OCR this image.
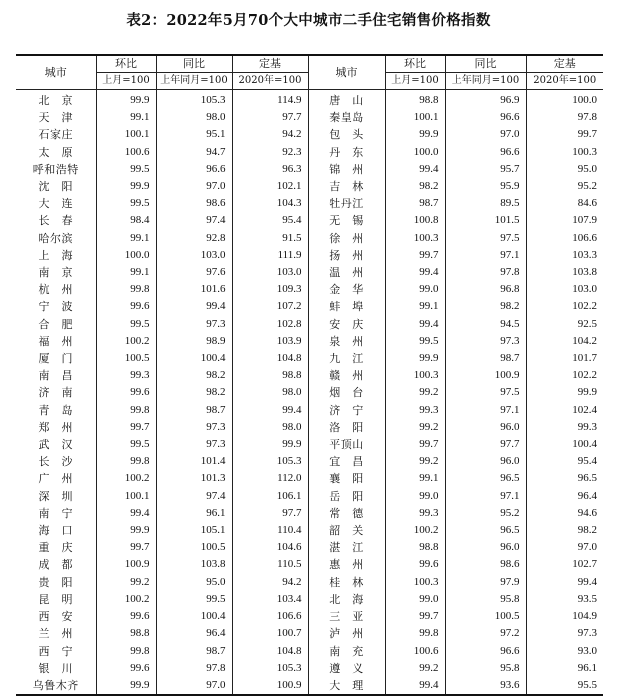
表2：2022年5月70个大中城市二手住宅销售价格指数
城市	环比	同比	定基	城市	环比	同比	定基
	上月=100	上年同月=100	2020年=100		上月=100	上年同月=100	2020年=100
北　京	99.9	105.3	114.9	唐　山	98.8	96.9	100.0
天　津	99.1	98.0	97.7	秦皇岛	100.1	96.6	97.8
石家庄	100.1	95.1	94.2	包　头	99.9	97.0	99.7
太　原	100.6	94.7	92.3	丹　东	100.0	96.6	100.3
呼和浩特	99.5	96.6	96.3	锦　州	99.4	95.7	95.0
沈　阳	99.9	97.0	102.1	吉　林	98.2	95.9	95.2
大　连	99.5	98.6	104.3	牡丹江	98.7	89.5	84.6
长　春	98.4	97.4	95.4	无　锡	100.8	101.5	107.9
哈尔滨	99.1	92.8	91.5	徐　州	100.3	97.5	106.6
上　海	100.0	103.0	111.9	扬　州	99.7	97.1	103.3
南　京	99.1	97.6	103.0	温　州	99.4	97.8	103.8
杭　州	99.8	101.6	109.3	金　华	99.0	96.8	103.0
宁　波	99.6	99.4	107.2	蚌　埠	99.1	98.2	102.2
合　肥	99.5	97.3	102.8	安　庆	99.4	94.5	92.5
福　州	100.2	98.9	103.9	泉　州	99.5	97.3	104.2
厦　门	100.5	100.4	104.8	九　江	99.9	98.7	101.7
南　昌	99.3	98.2	98.8	赣　州	100.3	100.9	102.2
济　南	99.6	98.2	98.0	烟　台	99.2	97.5	99.9
青　岛	99.8	98.7	99.4	济　宁	99.3	97.1	102.4
郑　州	99.7	97.3	98.0	洛　阳	99.2	96.0	99.3
武　汉	99.5	97.3	99.9	平顶山	99.7	97.7	100.4
长　沙	99.8	101.4	105.3	宜　昌	99.2	96.0	95.4
广　州	100.2	101.3	112.0	襄　阳	99.1	96.5	96.5
深　圳	100.1	97.4	106.1	岳　阳	99.0	97.1	96.4
南　宁	99.4	96.1	97.7	常　德	99.3	95.2	94.6
海　口	99.9	105.1	110.4	韶　关	100.2	96.5	98.2
重　庆	99.7	100.5	104.6	湛　江	98.8	96.0	97.0
成　都	100.9	103.8	110.5	惠　州	99.6	98.6	102.7
贵　阳	99.2	95.0	94.2	桂　林	100.3	97.9	99.4
昆　明	100.2	99.5	103.4	北　海	99.0	95.8	93.5
西　安	99.6	100.4	106.6	三　亚	99.7	100.5	104.9
兰　州	98.8	96.4	100.7	泸　州	99.8	97.2	97.3
西　宁	99.8	98.7	104.8	南　充	100.6	96.6	93.0
银　川	99.6	97.8	105.3	遵　义	99.2	95.8	96.1
乌鲁木齐	99.9	97.0	100.9	大　理	99.4	93.6	95.5
